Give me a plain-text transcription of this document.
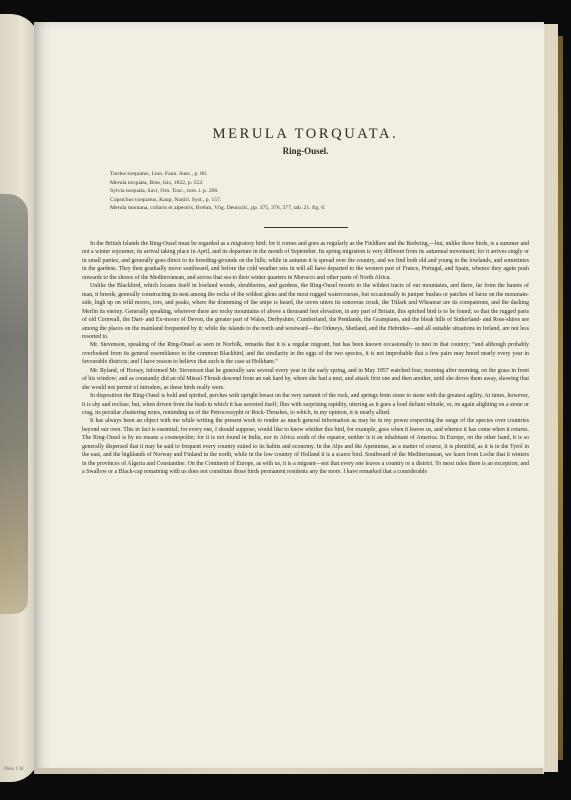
Plate 1 M
MERULA TORQUATA.
Ring-Ousel.
Turdus torquatus, Linn. Faun. Suec., p. 80.
Merula torquata, Boie, Isis, 1822, p. 552.
Sylvia torquata, Savi, Orn. Tosc., tom. i. p. 206.
Copsichus torquatus, Kaup, Natürl. Syst., p. 157.
Merula montana, collaris et alpestris, Brehm, Vög. Deutschl., pp. 375, 376, 377, tab. 21. fig. 6.

In the British Islands the Ring-Ousel must be regarded as a migratory bird; for it comes and goes as regularly as the Fieldfare and the Redwing,—but, unlike those birds, is a summer and not a winter sojourner, its arrival taking place in April, and its departure in the month of September. Its spring migration is very different from its autumnal movement; for it arrives singly or in small parties, and generally goes direct to its breeding-grounds on the hills; while in autumn it is spread over the country, and we find both old and young in the lowlands, and sometimes in the gardens. They then gradually move southward, and before the cold weather sets in will all have departed to the western part of France, Portugal, and Spain, whence they again push onwards to the shores of the Mediterranean, and across that sea to their winter quarters in Morocco and other parts of North Africa.

Unlike the Blackbird, which locates itself in lowland woods, shrubberies, and gardens, the Ring-Ousel resorts to the wildest tracts of our mountains, and there, far from the haunts of man, it breeds, generally constructing its nest among the rocks of the wildest glens and the most rugged watercourses, but occasionally in juniper bushes or patches of furze on the mountain-side, high up on wild moors, tors, and peaks, where the drumming of the snipe is heard, the raven utters its sonorous croak, the Titlark and Wheatear are its companions, and the dashing Merlin its enemy. Generally speaking, wherever there are rocky mountains of above a thousand feet elevation, in any part of Britain, this spirited bird is to be found; so that the rugged parts of old Cornwall, the Dart- and Ex-moors of Devon, the greater part of Wales, Derbyshire, Cumberland, the Pentlands, the Grampians, and the bleak hills of Sutherland- and Ross-shires are among the places on the mainland frequented by it; while the islands to the north and westward—the Orkneys, Shetland, and the Hebrides—and all suitable situations in Ireland, are not less resorted to.

Mr. Stevenson, speaking of the Ring-Ousel as seen in Norfolk, remarks that it is a regular migrant, but has been known occasionally to nest in that country; “and although probably overlooked from its general resemblance to the common Blackbird, and the similarity in the eggs of the two species, it is not improbable that a few pairs may breed nearly every year in favourable districts; and I have reason to believe that such is the case at Holkham.”

Mr. Ryland, of Horsey, informed Mr. Stevenson that he generally saw several every year in the early spring, and in May 1857 watched four, morning after morning, on the grass in front of his window; and as constantly did an old Missel-Thrush descend from an oak hard by, where she had a nest, and attack first one and then another, until she drove them away, showing that she would not permit of intruders, as these birds really were.

In disposition the Ring-Ousel is bold and spirited, perches with upright breast on the very summit of the rock, and springs from stone to stone with the greatest agility. At times, however, it is shy and recluse, but, when driven from the bush in which it has secreted itself, flies with surprising rapidity, uttering as it goes a loud defiant whistle, or, on again alighting on a stone or crag, its peculiar chattering notes, reminding us of the Petrocossyphi or Rock-Thrushes, to which, in my opinion, it is nearly allied.

It has always been an object with me while writing the present work to render as much general information as may be in my power respecting the range of the species over countries beyond our own. This in fact is essential; for every one, I should suppose, would like to know whither this bird, for example, goes when it leaves us, and whence it has come when it returns. The Ring-Ousel is by no means a cosmopolite; for it is not found in India, nor in Africa south of the equator, neither is it an inhabitant of America. In Europe, on the other hand, it is so generally dispersed that it may be said to frequent every country suited to its habits and economy. In the Alps and the Apennines, as a matter of course, it is plentiful, as it is in the Tyrol in the east, and the highlands of Norway and Finland in the north, while in the low country of Holland it is a scarce bird. Southward of the Mediterranean, we learn from Loche that it winters in the provinces of Algeria and Constantine. On the Continent of Europe, as with us, it is a migrant—not that every one leaves a country or a district. To most rules there is an exception; and a Swallow or a Black-cap remaining with us does not constitute those birds permanent residents any the more. I have remarked that a considerable
